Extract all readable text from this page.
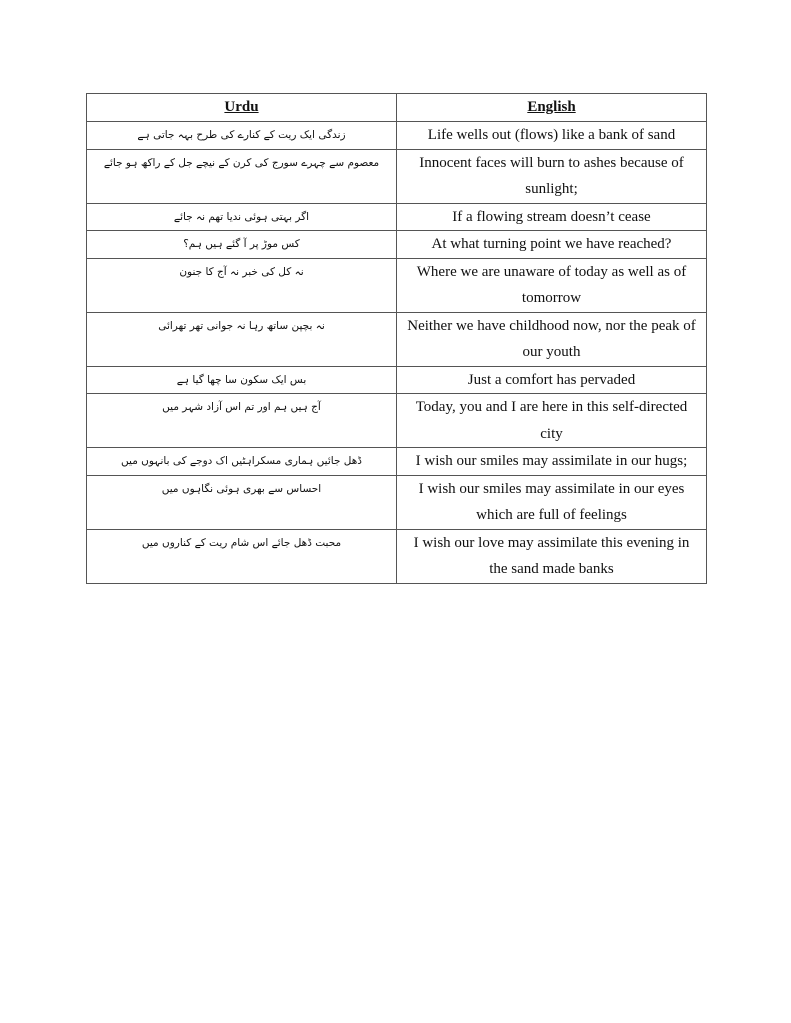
Urdu	English
زندگی ایک ریت کے کنارے کی طرح بہہ جاتی ہے	Life wells out (flows) like a bank of sand
معصوم سے چہرے سورج کی کرن کے نیچے جل کے راکھ ہو جائے	Innocent faces will burn to ashes because of sunlight;
اگر بہتی ہوئی ندیا تھم نہ جائے	If a flowing stream doesn’t cease
کس موڑ پر آ گئے ہیں ہم؟	At what turning point we have reached?
نہ کل کی خبر نہ آج کا جنون	Where we are unaware of today as well as of tomorrow
نہ بچپن ساتھ رہا نہ جوانی تھر تھرائی	Neither we have childhood now, nor the peak of our youth
بس ایک سکون سا چھا گیا ہے	Just a comfort has pervaded
آج ہیں ہم اور تم اس آزاد شہر میں	Today, you and I are here in this self-directed city
ڈھل جائیں ہماری مسکراہٹیں اک دوجے کی بانہوں میں	I wish our smiles may assimilate in our hugs;
احساس سے بھری ہوئی نگاہوں میں	I wish our smiles may assimilate in our eyes which are full of feelings
محبت ڈھل جائے اس شام ریت کے کناروں میں	I wish our love may assimilate this evening in the sand made banks
